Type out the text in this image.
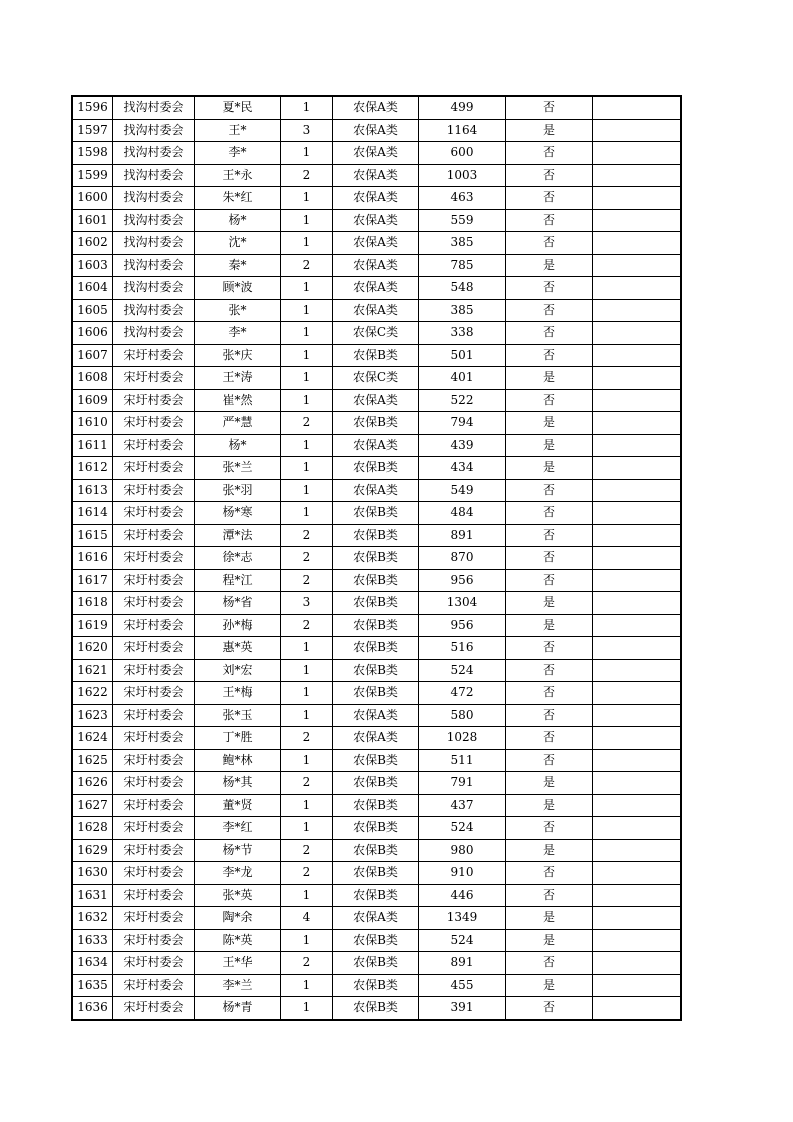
1596	找沟村委会	夏*民	1	农保A类	499	否	
1597	找沟村委会	王*	3	农保A类	1164	是	
1598	找沟村委会	李*	1	农保A类	600	否	
1599	找沟村委会	王*永	2	农保A类	1003	否	
1600	找沟村委会	朱*红	1	农保A类	463	否	
1601	找沟村委会	杨*	1	农保A类	559	否	
1602	找沟村委会	沈*	1	农保A类	385	否	
1603	找沟村委会	秦*	2	农保A类	785	是	
1604	找沟村委会	顾*波	1	农保A类	548	否	
1605	找沟村委会	张*	1	农保A类	385	否	
1606	找沟村委会	李*	1	农保C类	338	否	
1607	宋圩村委会	张*庆	1	农保B类	501	否	
1608	宋圩村委会	王*涛	1	农保C类	401	是	
1609	宋圩村委会	崔*然	1	农保A类	522	否	
1610	宋圩村委会	严*慧	2	农保B类	794	是	
1611	宋圩村委会	杨*	1	农保A类	439	是	
1612	宋圩村委会	张*兰	1	农保B类	434	是	
1613	宋圩村委会	张*羽	1	农保A类	549	否	
1614	宋圩村委会	杨*寒	1	农保B类	484	否	
1615	宋圩村委会	潭*法	2	农保B类	891	否	
1616	宋圩村委会	徐*志	2	农保B类	870	否	
1617	宋圩村委会	程*江	2	农保B类	956	否	
1618	宋圩村委会	杨*省	3	农保B类	1304	是	
1619	宋圩村委会	孙*梅	2	农保B类	956	是	
1620	宋圩村委会	惠*英	1	农保B类	516	否	
1621	宋圩村委会	刘*宏	1	农保B类	524	否	
1622	宋圩村委会	王*梅	1	农保B类	472	否	
1623	宋圩村委会	张*玉	1	农保A类	580	否	
1624	宋圩村委会	丁*胜	2	农保A类	1028	否	
1625	宋圩村委会	鲍*林	1	农保B类	511	否	
1626	宋圩村委会	杨*其	2	农保B类	791	是	
1627	宋圩村委会	董*贤	1	农保B类	437	是	
1628	宋圩村委会	李*红	1	农保B类	524	否	
1629	宋圩村委会	杨*节	2	农保B类	980	是	
1630	宋圩村委会	李*龙	2	农保B类	910	否	
1631	宋圩村委会	张*英	1	农保B类	446	否	
1632	宋圩村委会	陶*余	4	农保A类	1349	是	
1633	宋圩村委会	陈*英	1	农保B类	524	是	
1634	宋圩村委会	王*华	2	农保B类	891	否	
1635	宋圩村委会	李*兰	1	农保B类	455	是	
1636	宋圩村委会	杨*青	1	农保B类	391	否	
